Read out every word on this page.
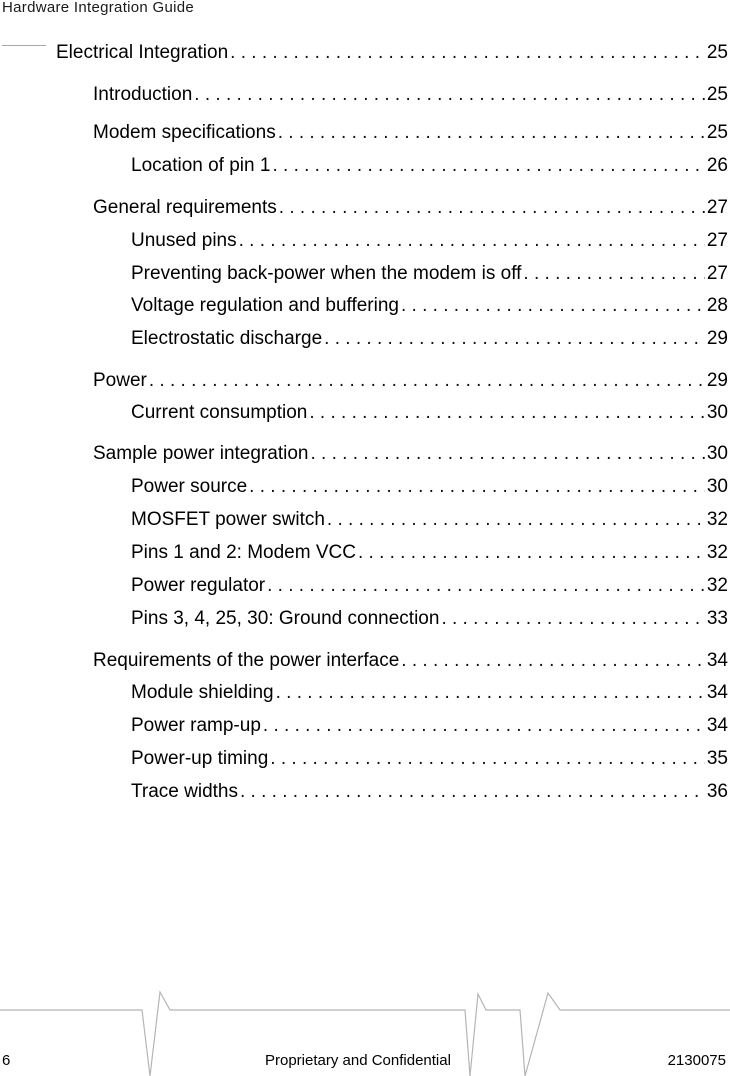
Hardware Integration Guide
Electrical Integration . . .	25
Introduction . . .	25
Modem specifications . . .	25
Location of pin 1 . . .	26
General requirements . . .	27
Unused pins . . .	27
Preventing back-power when the modem is off . . .	27
Voltage regulation and buffering . . .	28
Electrostatic discharge . . .	29
Power . . .	29
Current consumption . . .	30
Sample power integration . . .	30
Power source . . .	30
MOSFET power switch . . .	32
Pins 1 and 2: Modem VCC . . .	32
Power regulator . . .	32
Pins 3, 4, 25, 30: Ground connection . . .	33
Requirements of the power interface . . .	34
Module shielding . . .	34
Power ramp-up . . .	34
Power-up timing . . .	35
Trace widths . . .	36
6	Proprietary and Confidential	2130075
